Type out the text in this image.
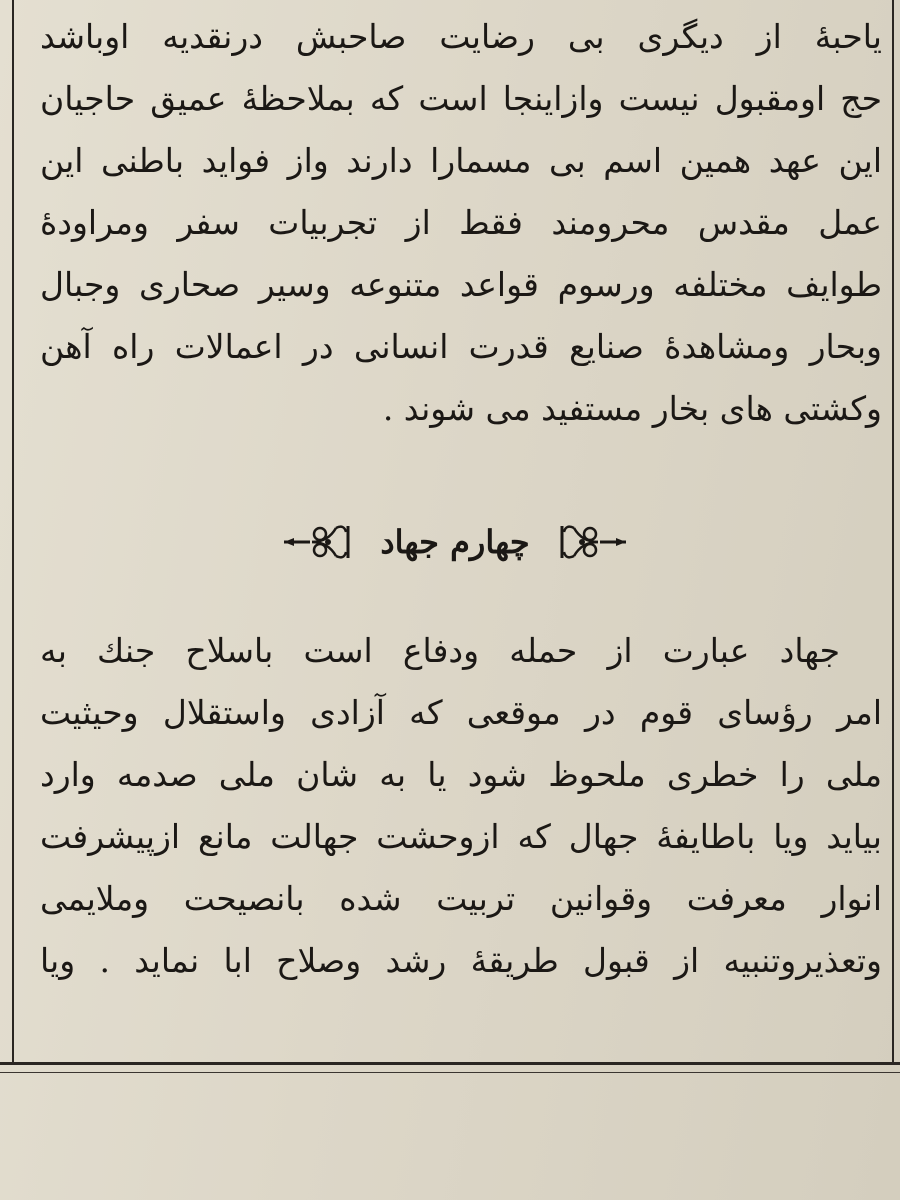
یاحبهٔ از دیگری بی رضایت صاحبش درنقدیه اوباشد
حج اومقبول نیست وازاینجا است که بملاحظهٔ عمیق حاجیان
این عهد همین اسم بی مسمارا دارند واز فواید باطنی این
عمل مقدس محرومند فقط از تجربیات سفر ومراودهٔ
طوایف مختلفه ورسوم قواعد متنوعه وسیر صحاری وجبال
وبحار ومشاهدهٔ صنایع قدرت انسانی در اعمالات راه آهن
وکشتی های بخار مستفید می شوند .
چهارم جهاد
جهاد عبارت از حمله ودفاع است باسلاح جنك به
امر رؤسای قوم در موقعی که آزادی واستقلال وحیثیت
ملی را خطری ملحوظ شود یا به شان ملی صدمه وارد
بیاید ویا باطایفهٔ جهال که ازوحشت جهالت مانع ازپیشرفت
انوار معرفت وقوانین تربیت شده بانصیحت وملایمی
وتعذیروتنبیه از قبول طریقهٔ رشد وصلاح ابا نماید . ویا
